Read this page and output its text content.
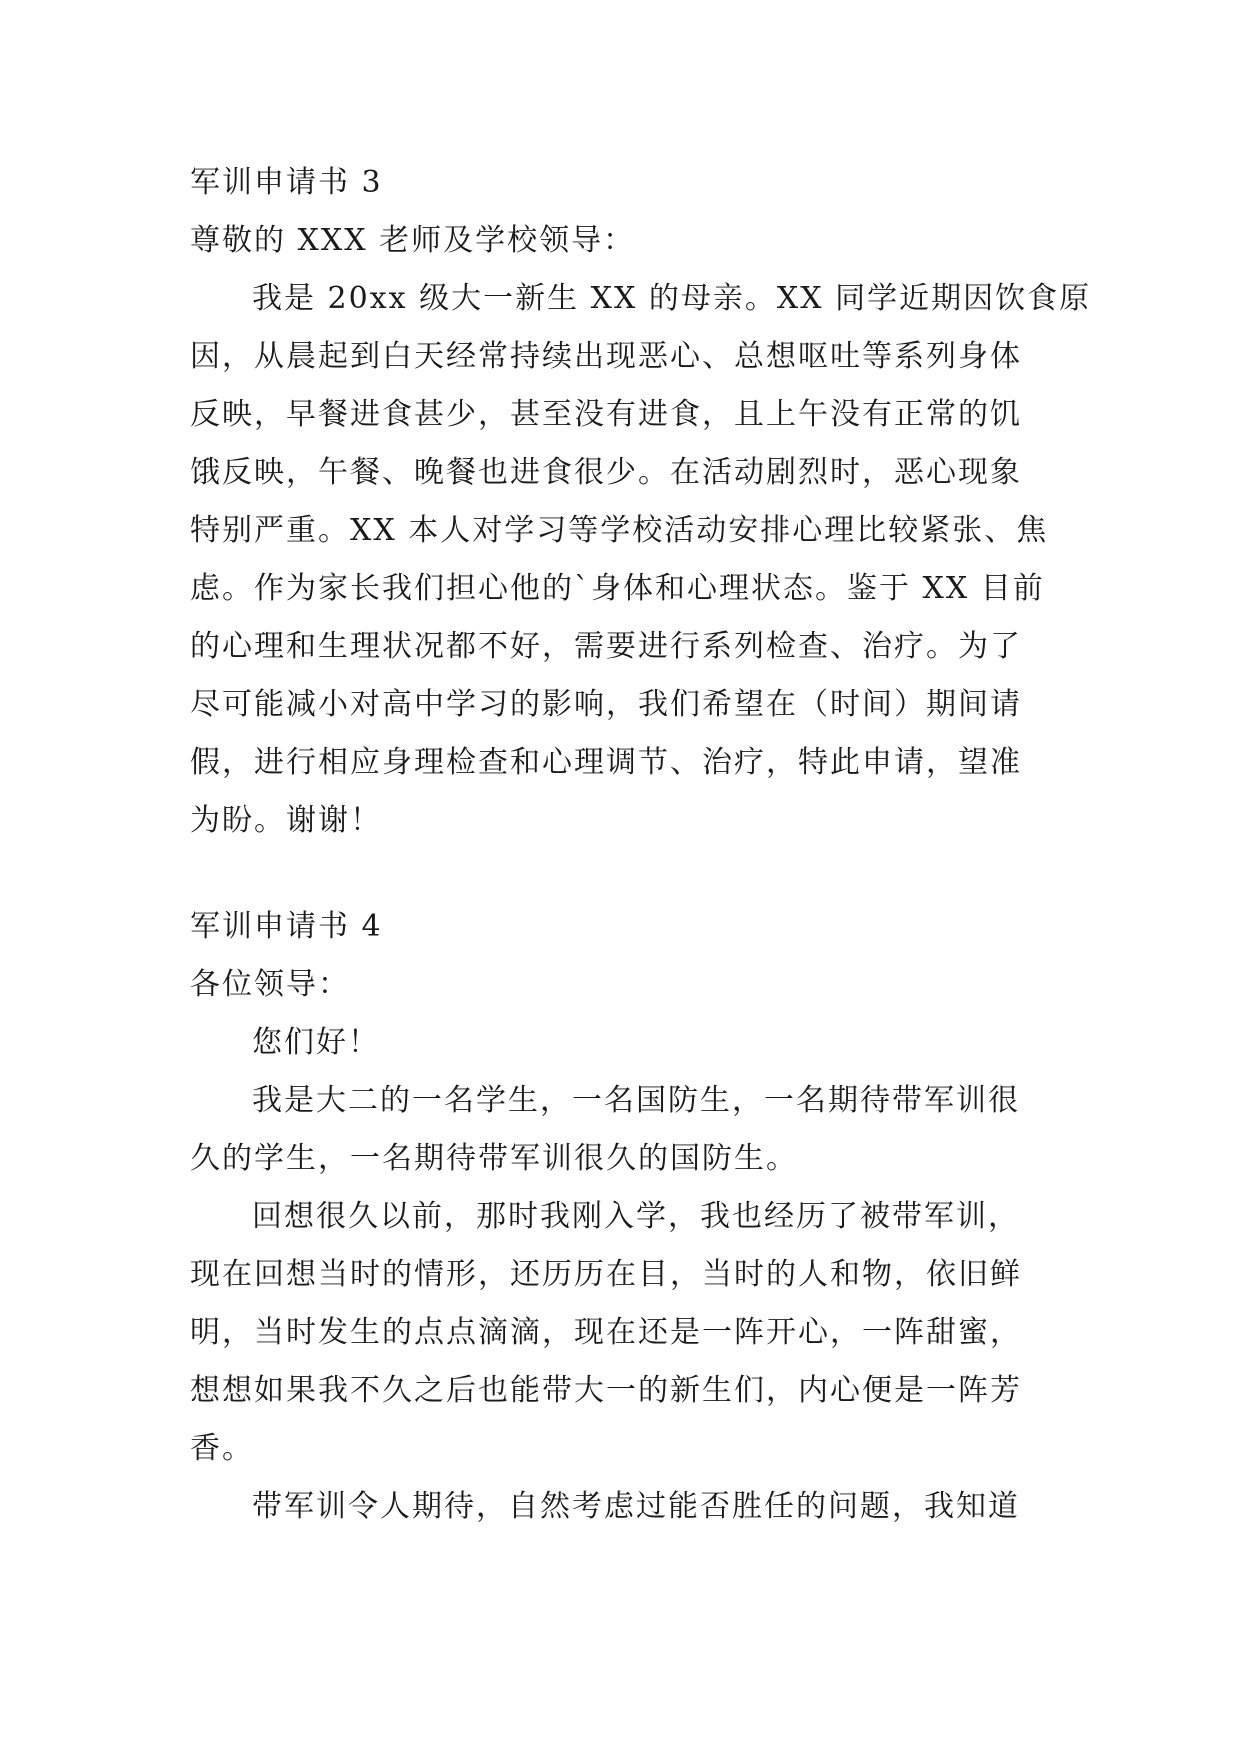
军训申请书 3
尊敬的 XXX 老师及学校领导：
我是 20xx 级大一新生 XX 的母亲。XX 同学近期因饮食原
因，从晨起到白天经常持续出现恶心、总想呕吐等系列身体
反映，早餐进食甚少，甚至没有进食，且上午没有正常的饥
饿反映，午餐、晚餐也进食很少。在活动剧烈时，恶心现象
特别严重。XX 本人对学习等学校活动安排心理比较紧张、焦
虑。作为家长我们担心他的`身体和心理状态。鉴于 XX 目前
的心理和生理状况都不好，需要进行系列检查、治疗。为了
尽可能减小对高中学习的影响，我们希望在（时间）期间请
假，进行相应身理检查和心理调节、治疗，特此申请，望准
为盼。谢谢！
军训申请书 4
各位领导：
您们好！
我是大二的一名学生，一名国防生，一名期待带军训很
久的学生，一名期待带军训很久的国防生。
回想很久以前，那时我刚入学，我也经历了被带军训，
现在回想当时的情形，还历历在目，当时的人和物，依旧鲜
明，当时发生的点点滴滴，现在还是一阵开心，一阵甜蜜，
想想如果我不久之后也能带大一的新生们，内心便是一阵芳
香。
带军训令人期待，自然考虑过能否胜任的问题，我知道
